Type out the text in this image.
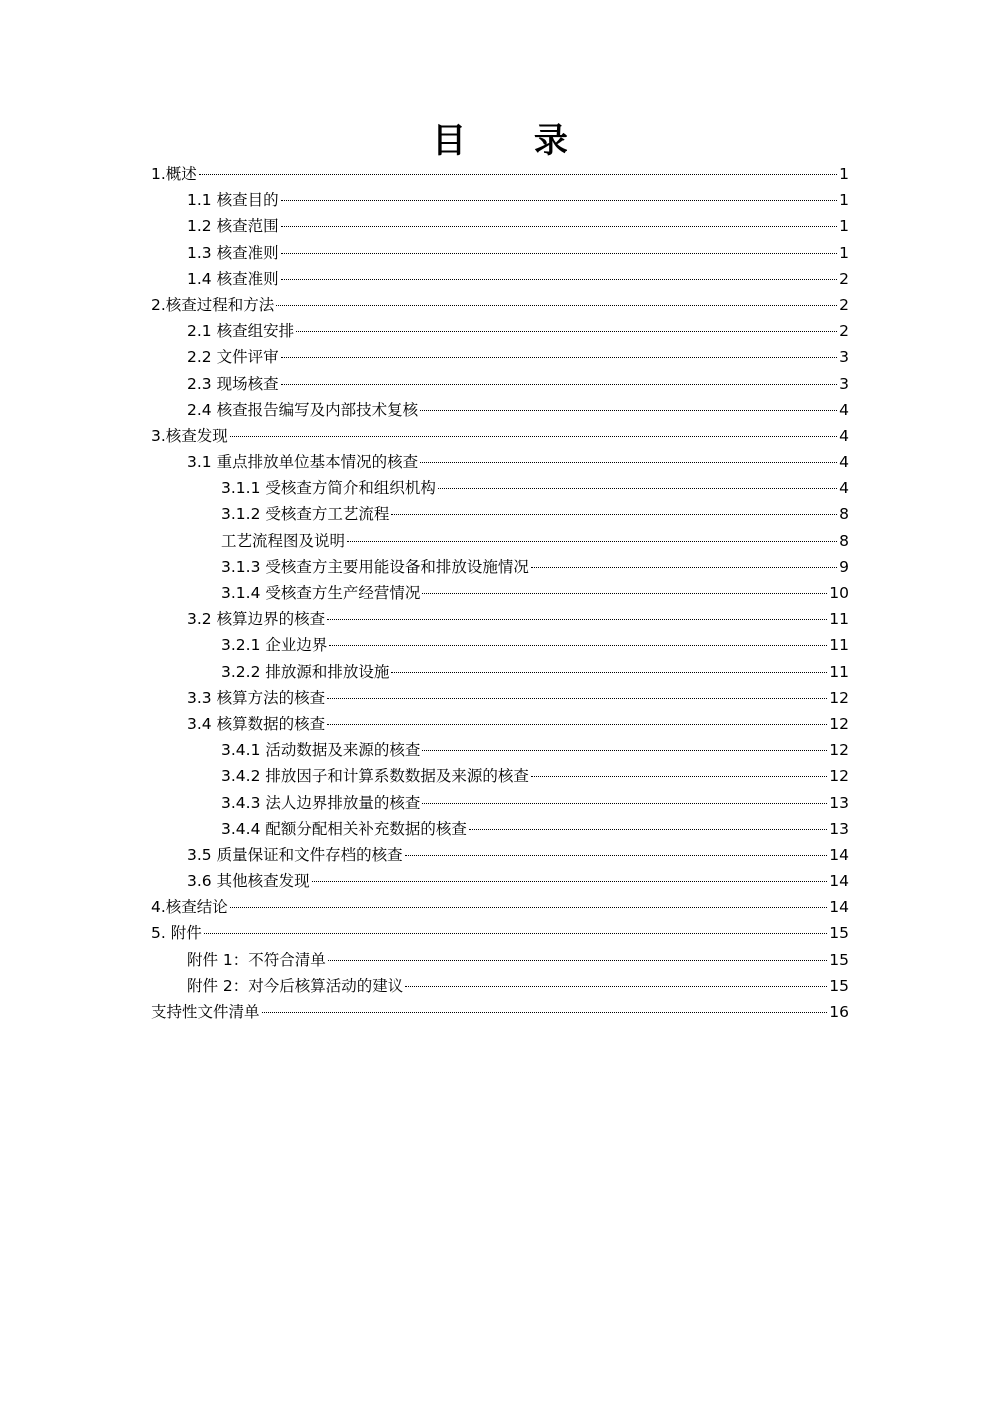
目 录
1.概述	1
1.1 核查目的	1
1.2 核查范围	1
1.3 核查准则	1
1.4 核查准则	2
2.核查过程和方法	2
2.1 核查组安排	2
2.2 文件评审	3
2.3 现场核查	3
2.4 核查报告编写及内部技术复核	4
3.核查发现	4
3.1 重点排放单位基本情况的核查	4
3.1.1 受核查方简介和组织机构	4
3.1.2 受核查方工艺流程	8
工艺流程图及说明	8
3.1.3 受核查方主要用能设备和排放设施情况	9
3.1.4 受核查方生产经营情况	10
3.2 核算边界的核查	11
3.2.1 企业边界	11
3.2.2 排放源和排放设施	11
3.3 核算方法的核查	12
3.4 核算数据的核查	12
3.4.1 活动数据及来源的核查	12
3.4.2 排放因子和计算系数数据及来源的核查	12
3.4.3 法人边界排放量的核查	13
3.4.4 配额分配相关补充数据的核查	13
3.5 质量保证和文件存档的核查	14
3.6 其他核查发现	14
4.核查结论	14
5. 附件	15
附件 1：不符合清单	15
附件 2：对今后核算活动的建议	15
支持性文件清单	16
